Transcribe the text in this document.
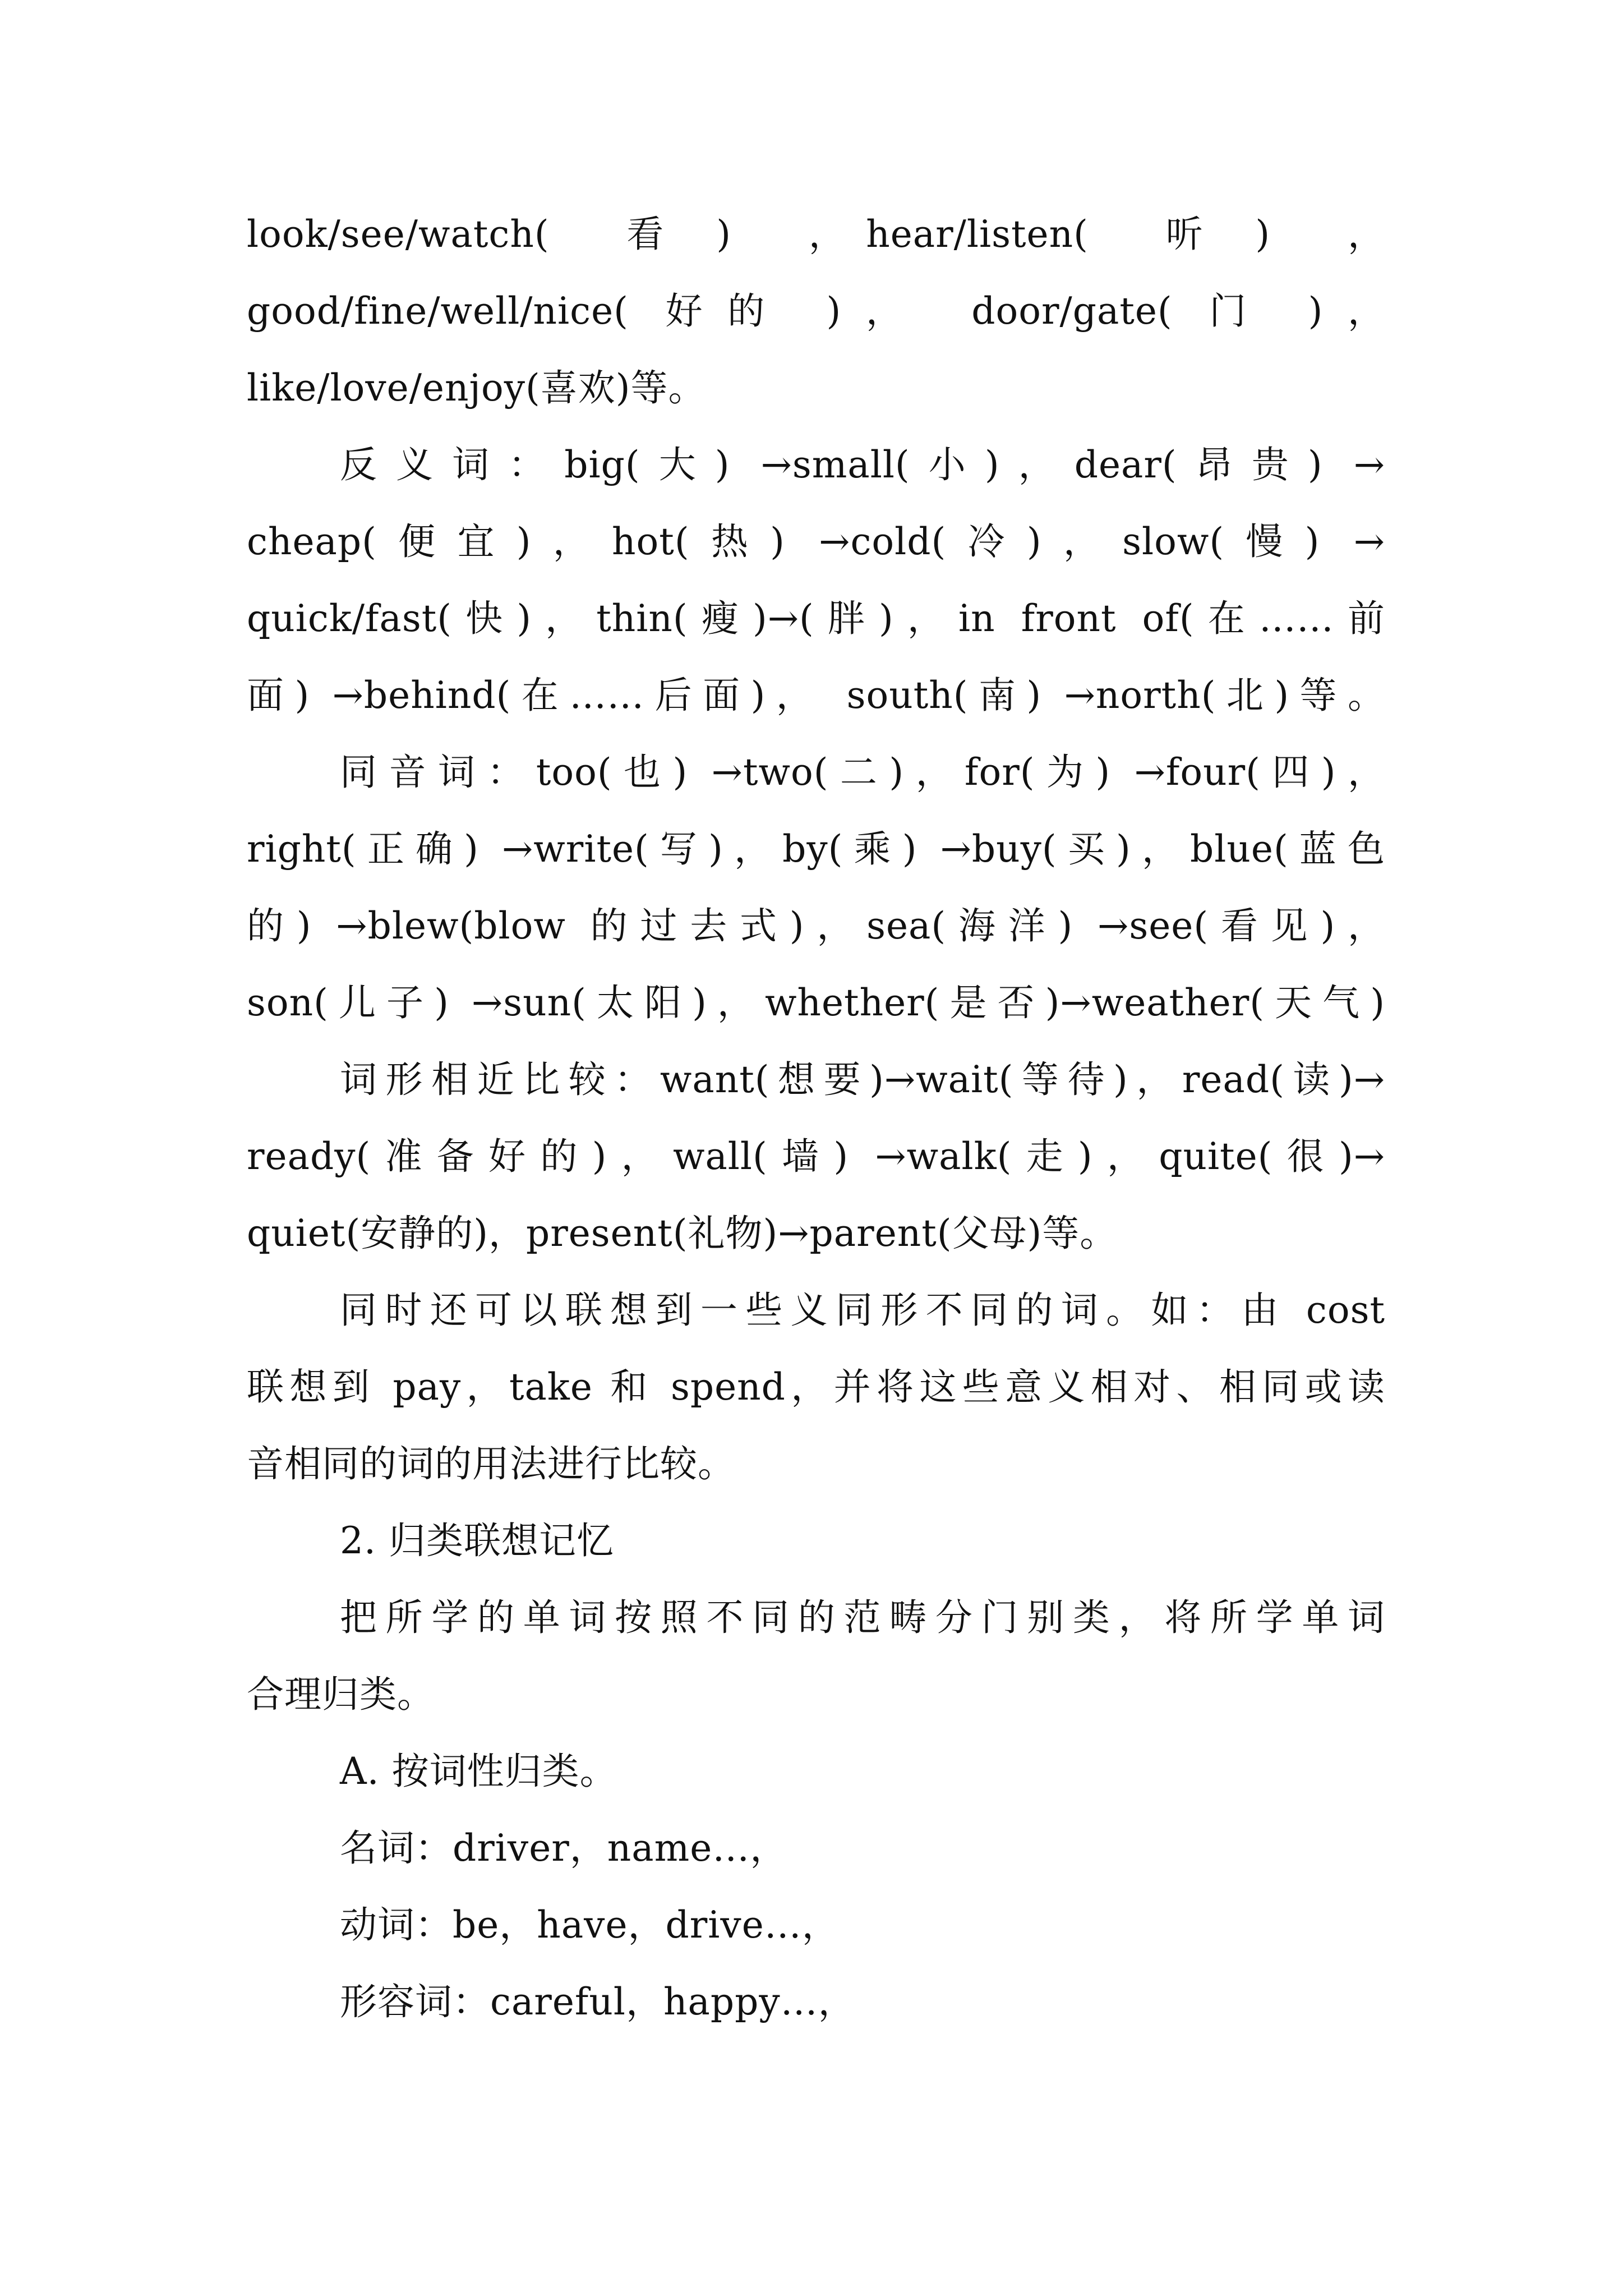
look/see/watch(　看 )　，hear/listen(　听 )　，
good/fine/well/nice( 好的 )，　door/gate( 门 )，
like/love/enjoy(喜欢)等。
反义词：big(大) →small(小)，dear(昂贵) →
cheap(便宜)，hot(热) →cold(冷)，slow(慢) →
quick/fast(快)，thin(瘦)→(胖)，in front of(在……前
面) →behind(在……后面)， south(南) →north(北)等。
同音词：too(也) →two(二)，for(为) →four(四)，
right(正确) →write(写)，by(乘) →buy(买)，blue(蓝色
的) →blew(blow 的过去式)，sea(海洋) →see(看见)，
son(儿子) →sun(太阳)，whether(是否)→weather(天气)
词形相近比较：want(想要)→wait(等待)，read(读)→
ready(准备好的)，wall(墙) →walk(走)，quite(很)→
quiet(安静的)，present(礼物)→parent(父母)等。
同时还可以联想到一些义同形不同的词。如：由 cost
联想到 pay，take 和 spend，并将这些意义相对、相同或读
音相同的词的用法进行比较。
2. 归类联想记忆
把所学的单词按照不同的范畴分门别类，将所学单词
合理归类。
A. 按词性归类。
名词：driver，name…，
动词：be，have，drive…，
形容词：careful，happy…，
